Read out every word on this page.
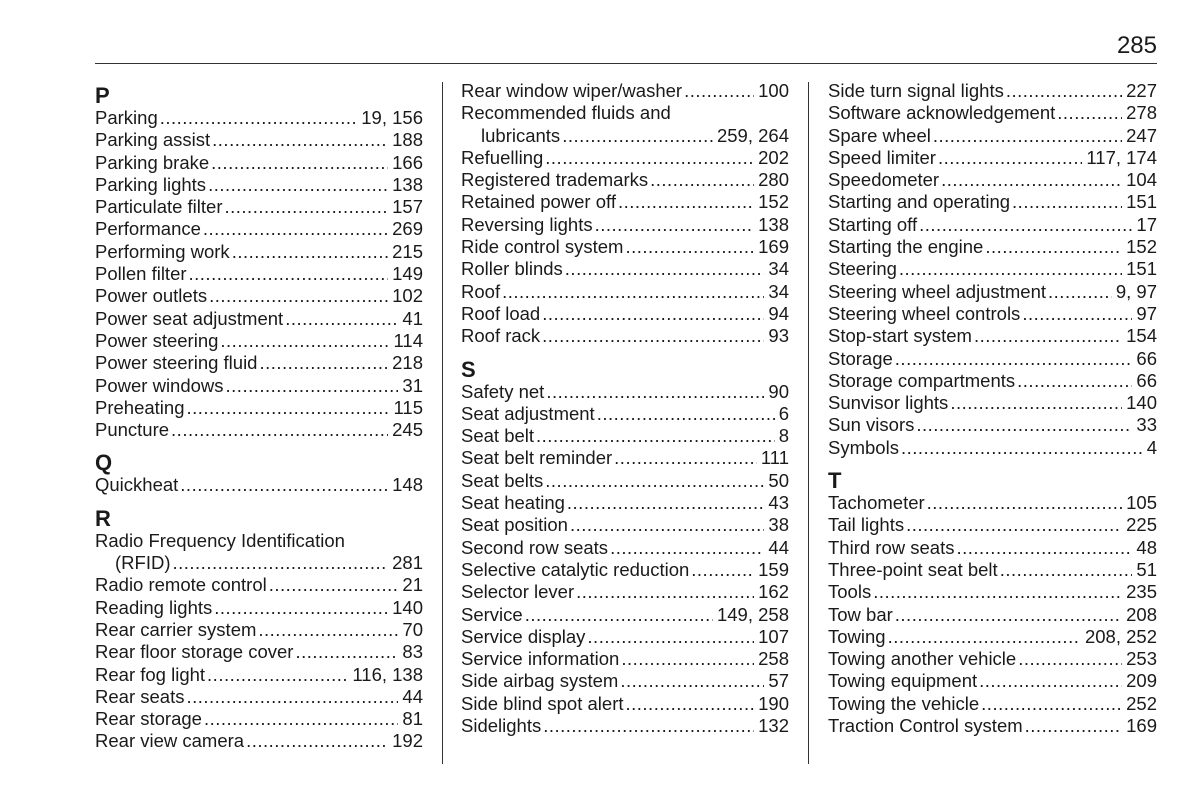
285
P
Parking .....	19, 156
Parking assist .....	188
Parking brake .....	166
Parking lights .....	138
Particulate filter .....	157
Performance .....	269
Performing work .....	215
Pollen filter .....	149
Power outlets .....	102
Power seat adjustment .....	41
Power steering .....	114
Power steering fluid .....	218
Power windows .....	31
Preheating .....	115
Puncture .....	245
Q
Quickheat .....	148
R
Radio Frequency Identification
(RFID) .....	281
Radio remote control .....	21
Reading lights .....	140
Rear carrier system .....	70
Rear floor storage cover .....	83
Rear fog light .....	116, 138
Rear seats .....	44
Rear storage .....	81
Rear view camera .....	192
Rear window wiper/washer .....	100
Recommended fluids and
lubricants .....	259, 264
Refuelling .....	202
Registered trademarks .....	280
Retained power off .....	152
Reversing lights .....	138
Ride control system .....	169
Roller blinds .....	34
Roof .....	34
Roof load .....	94
Roof rack .....	93
S
Safety net .....	90
Seat adjustment .....	6
Seat belt .....	8
Seat belt reminder .....	111
Seat belts .....	50
Seat heating .....	43
Seat position .....	38
Second row seats .....	44
Selective catalytic reduction .....	159
Selector lever .....	162
Service .....	149, 258
Service display .....	107
Service information .....	258
Side airbag system .....	57
Side blind spot alert .....	190
Sidelights .....	132
Side turn signal lights .....	227
Software acknowledgement .....	278
Spare wheel .....	247
Speed limiter .....	117, 174
Speedometer .....	104
Starting and operating .....	151
Starting off .....	17
Starting the engine .....	152
Steering .....	151
Steering wheel adjustment .....	9, 97
Steering wheel controls .....	97
Stop-start system .....	154
Storage .....	66
Storage compartments .....	66
Sunvisor lights .....	140
Sun visors .....	33
Symbols .....	4
T
Tachometer .....	105
Tail lights .....	225
Third row seats .....	48
Three-point seat belt .....	51
Tools .....	235
Tow bar .....	208
Towing .....	208, 252
Towing another vehicle .....	253
Towing equipment .....	209
Towing the vehicle .....	252
Traction Control system .....	169
